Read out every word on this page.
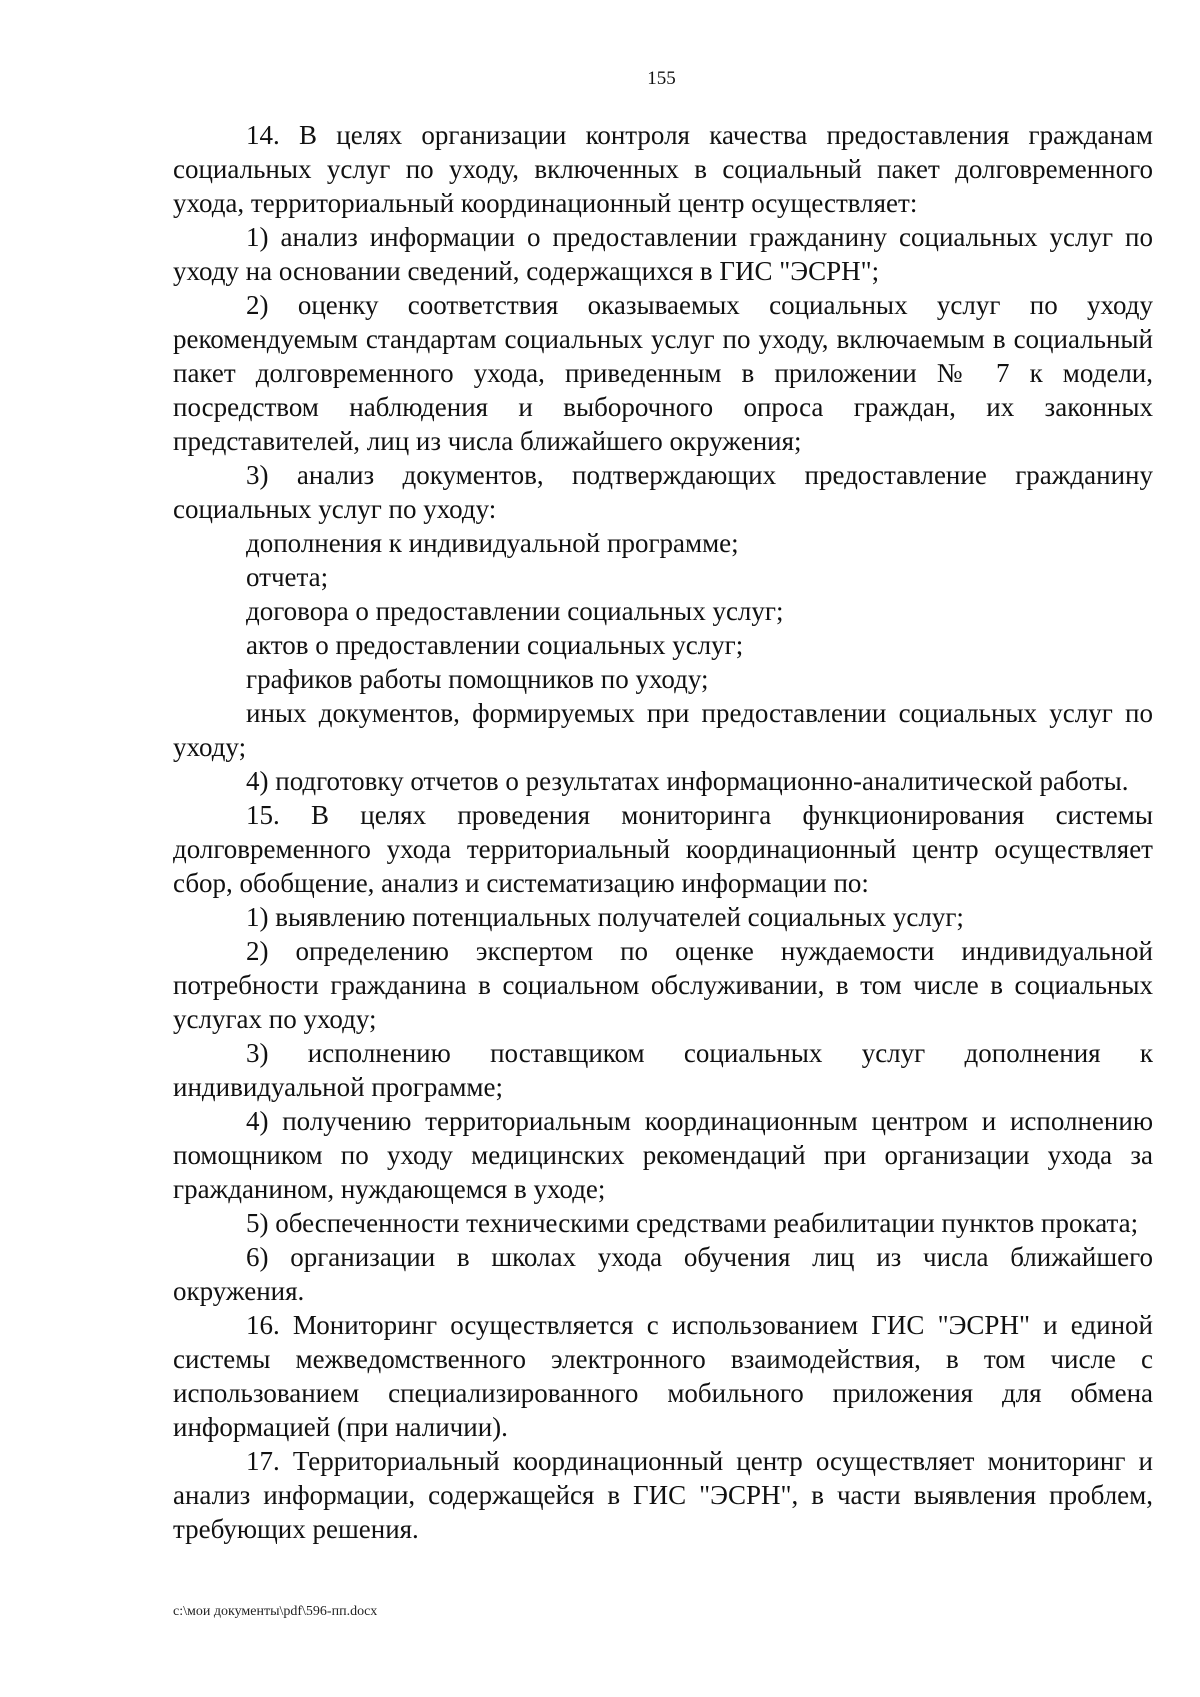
155

14. В целях организации контроля качества предоставления гражданам социальных услуг по уходу, включенных в социальный пакет долговременного ухода, территориальный координационный центр осуществляет:

1) анализ информации о предоставлении гражданину социальных услуг по уходу на основании сведений, содержащихся в ГИС "ЭСРН";

2) оценку соответствия оказываемых социальных услуг по уходу рекомендуемым стандартам социальных услуг по уходу, включаемым в социальный пакет долговременного ухода, приведенным в приложении № 7 к модели, посредством наблюдения и выборочного опроса граждан, их законных представителей, лиц из числа ближайшего окружения;

3) анализ документов, подтверждающих предоставление гражданину социальных услуг по уходу:

дополнения к индивидуальной программе;

отчета;

договора о предоставлении социальных услуг;

актов о предоставлении социальных услуг;

графиков работы помощников по уходу;

иных документов, формируемых при предоставлении социальных услуг по уходу;

4) подготовку отчетов о результатах информационно-аналитической работы.

15. В целях проведения мониторинга функционирования системы долговременного ухода территориальный координационный центр осуществляет сбор, обобщение, анализ и систематизацию информации по:

1) выявлению потенциальных получателей социальных услуг;

2) определению экспертом по оценке нуждаемости индивидуальной потребности гражданина в социальном обслуживании, в том числе в социальных услугах по уходу;

3) исполнению поставщиком социальных услуг дополнения к индивидуальной программе;

4) получению территориальным координационным центром и исполнению помощником по уходу медицинских рекомендаций при организации ухода за гражданином, нуждающемся в уходе;

5) обеспеченности техническими средствами реабилитации пунктов проката;

6) организации в школах ухода обучения лиц из числа ближайшего окружения.

16. Мониторинг осуществляется с использованием ГИС "ЭСРН" и единой системы межведомственного электронного взаимодействия, в том числе с использованием специализированного мобильного приложения для обмена информацией (при наличии).

17. Территориальный координационный центр осуществляет мониторинг и анализ информации, содержащейся в ГИС "ЭСРН", в части выявления проблем, требующих решения.

c:\мои документы\pdf\596-пп.docx
